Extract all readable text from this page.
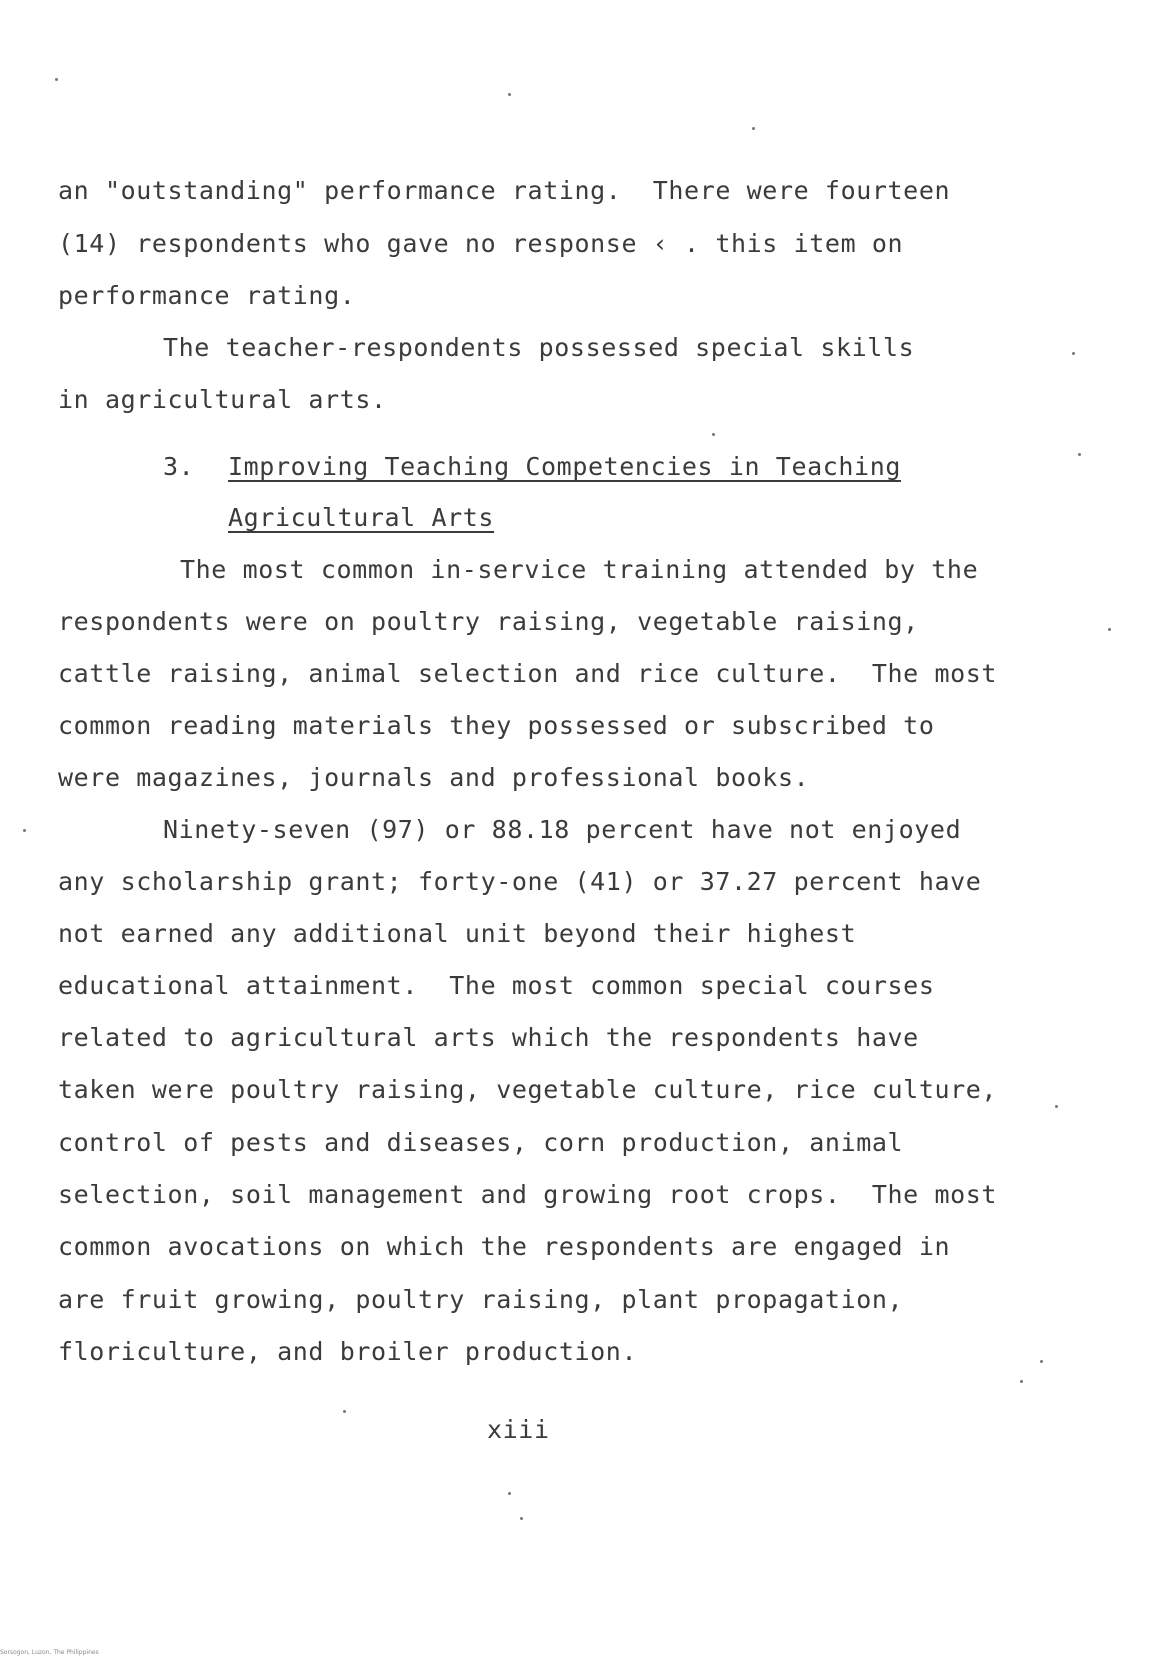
an "outstanding" performance rating.  There were fourteen
(14) respondents who gave no response ‹ . this item on
performance rating.
The teacher-respondents possessed special skills
in agricultural arts.
3. Improving Teaching Competencies in Teaching
Agricultural Arts
The most common in-service training attended by the
respondents were on poultry raising, vegetable raising,
cattle raising, animal selection and rice culture.  The most
common reading materials they possessed or subscribed to
were magazines, journals and professional books.
Ninety-seven (97) or 88.18 percent have not enjoyed
any scholarship grant; forty-one (41) or 37.27 percent have
not earned any additional unit beyond their highest
educational attainment.  The most common special courses
related to agricultural arts which the respondents have
taken were poultry raising, vegetable culture, rice culture,
control of pests and diseases, corn production, animal
selection, soil management and growing root crops.  The most
common avocations on which the respondents are engaged in
are fruit growing, poultry raising, plant propagation,
floriculture, and broiler production.
xiii
Sorsogon, Luzon, The Philippines
